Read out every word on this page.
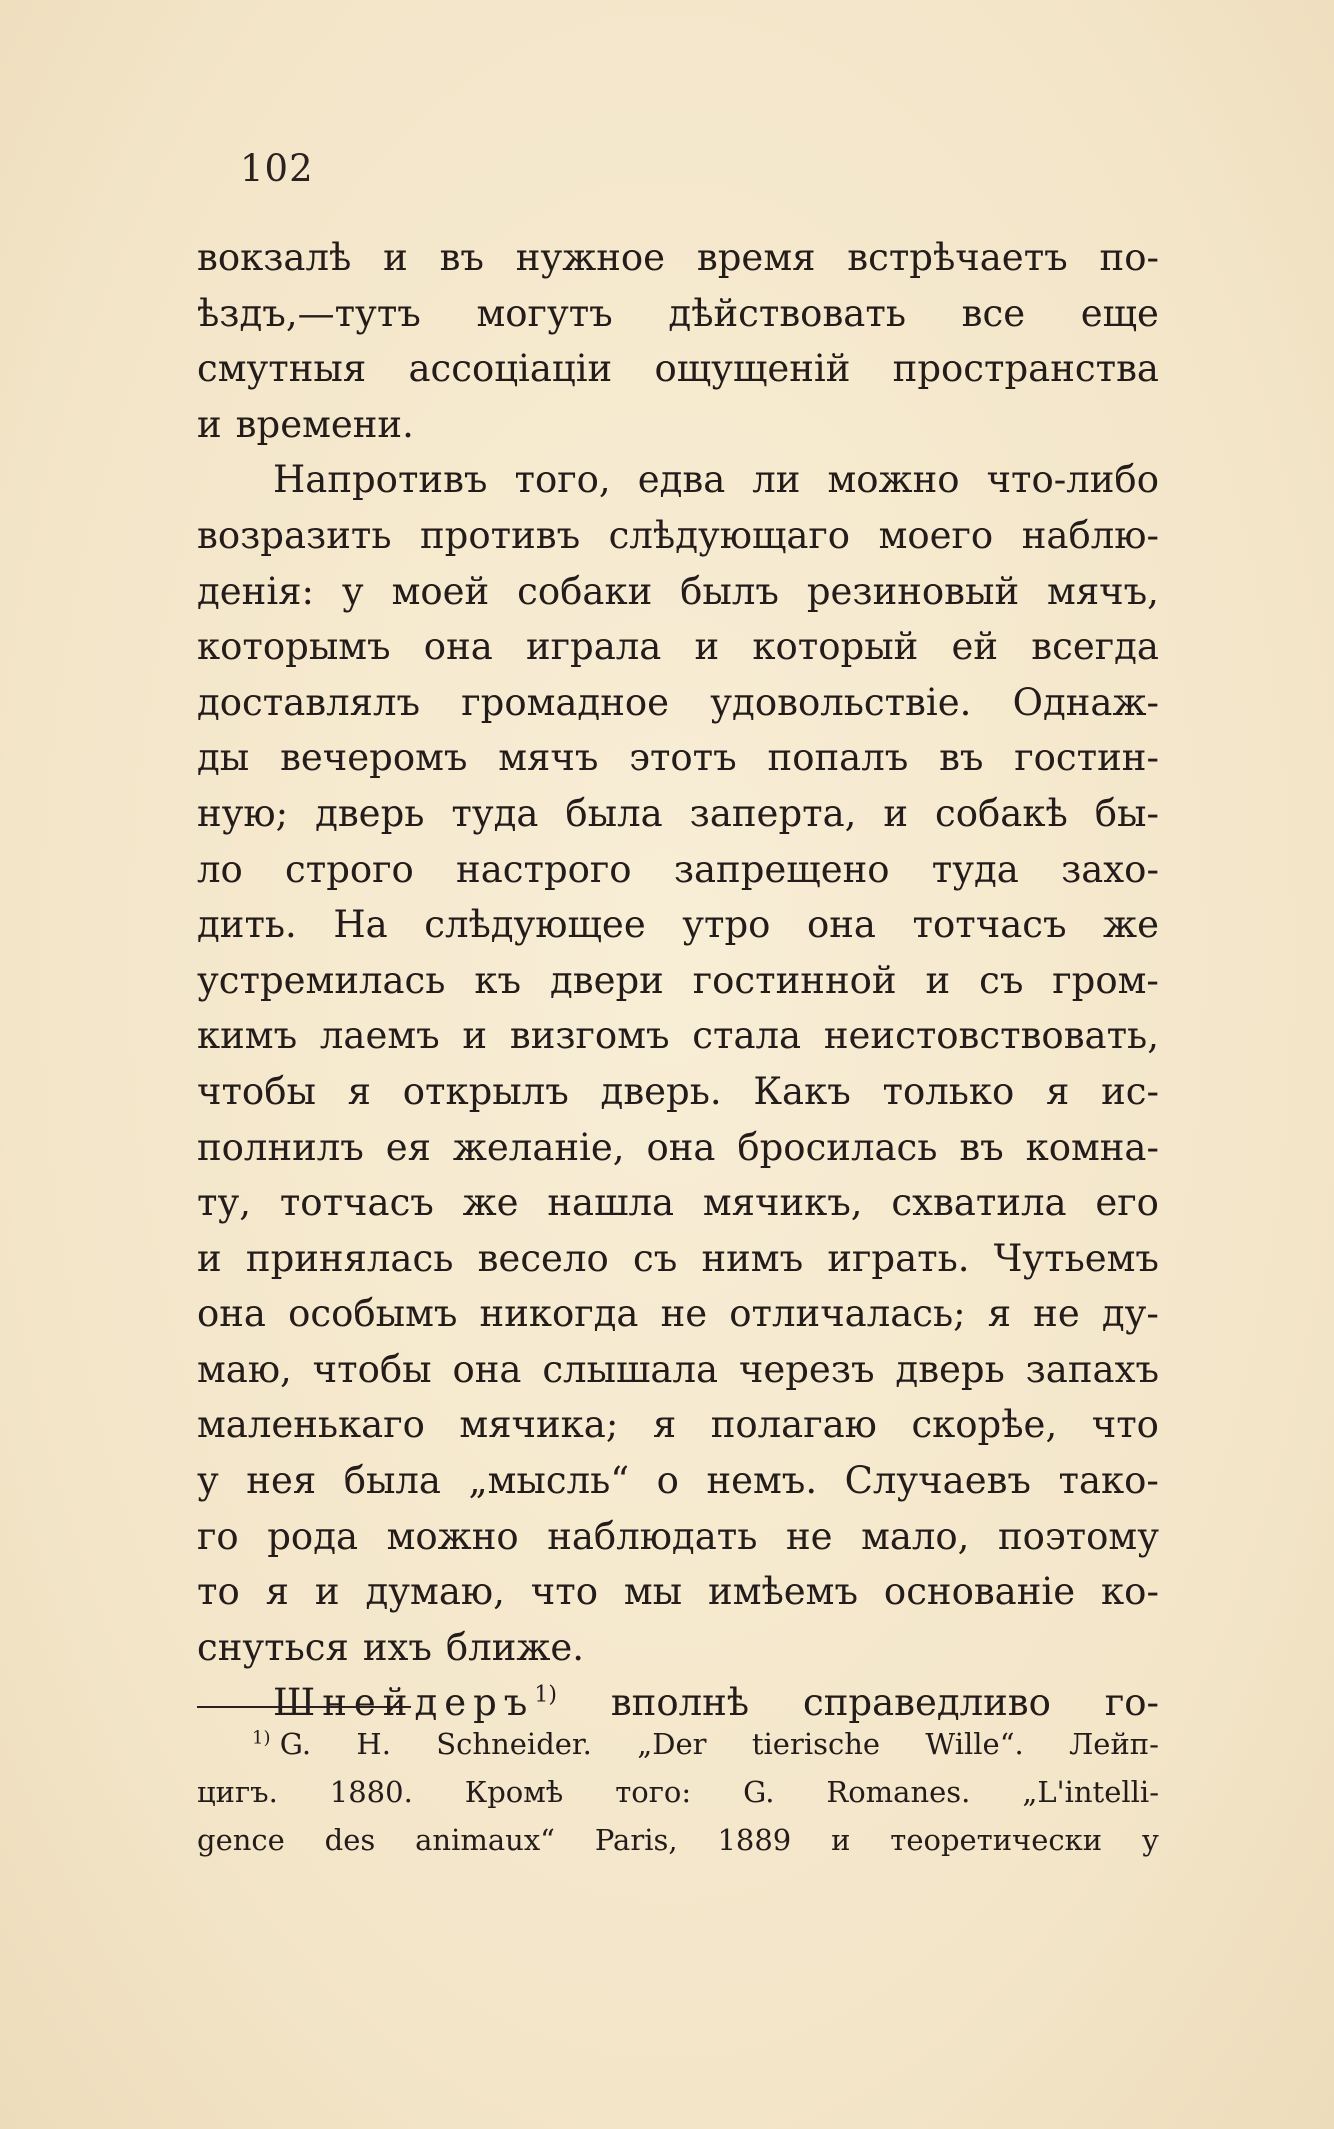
102
вокзалѣ и въ нужное время встрѣчаетъ по-
ѣздъ,—тутъ могутъ дѣйствовать все еще
смутныя ассоціаціи ощущеній пространства
и времени.
Напротивъ того, едва ли можно что-либо
возразить противъ слѣдующаго моего наблю-
денія: у моей собаки былъ резиновый мячъ,
которымъ она играла и который ей всегда
доставлялъ громадное удовольствіе. Однаж-
ды вечеромъ мячъ этотъ попалъ въ гостин-
ную; дверь туда была заперта, и собакѣ бы-
ло строго настрого запрещено туда захо-
дить. На слѣдующее утро она тотчасъ же
устремилась къ двери гостинной и съ гром-
кимъ лаемъ и визгомъ стала неистовствовать,
чтобы я открылъ дверь. Какъ только я ис-
полнилъ ея желаніе, она бросилась въ комна-
ту, тотчасъ же нашла мячикъ, схватила его
и принялась весело съ нимъ играть. Чутьемъ
она особымъ никогда не отличалась; я не ду-
маю, чтобы она слышала черезъ дверь запахъ
маленькаго мячика; я полагаю скорѣе, что
у нея была „мысль“ о немъ. Случаевъ тако-
го рода можно наблюдать не мало, поэтому
то я и думаю, что мы имѣемъ основаніе ко-
снуться ихъ ближе.
Шнейдеръ$^{1)}$ вполнѣ справедливо го-
$^{1)}$ G. H. Schneider. „Der tierische Wille“. Лейп-
цигъ. 1880. Кромѣ того: G. Romanes. „L'intelli-
gence des animaux“ Paris, 1889 и теоретически у
